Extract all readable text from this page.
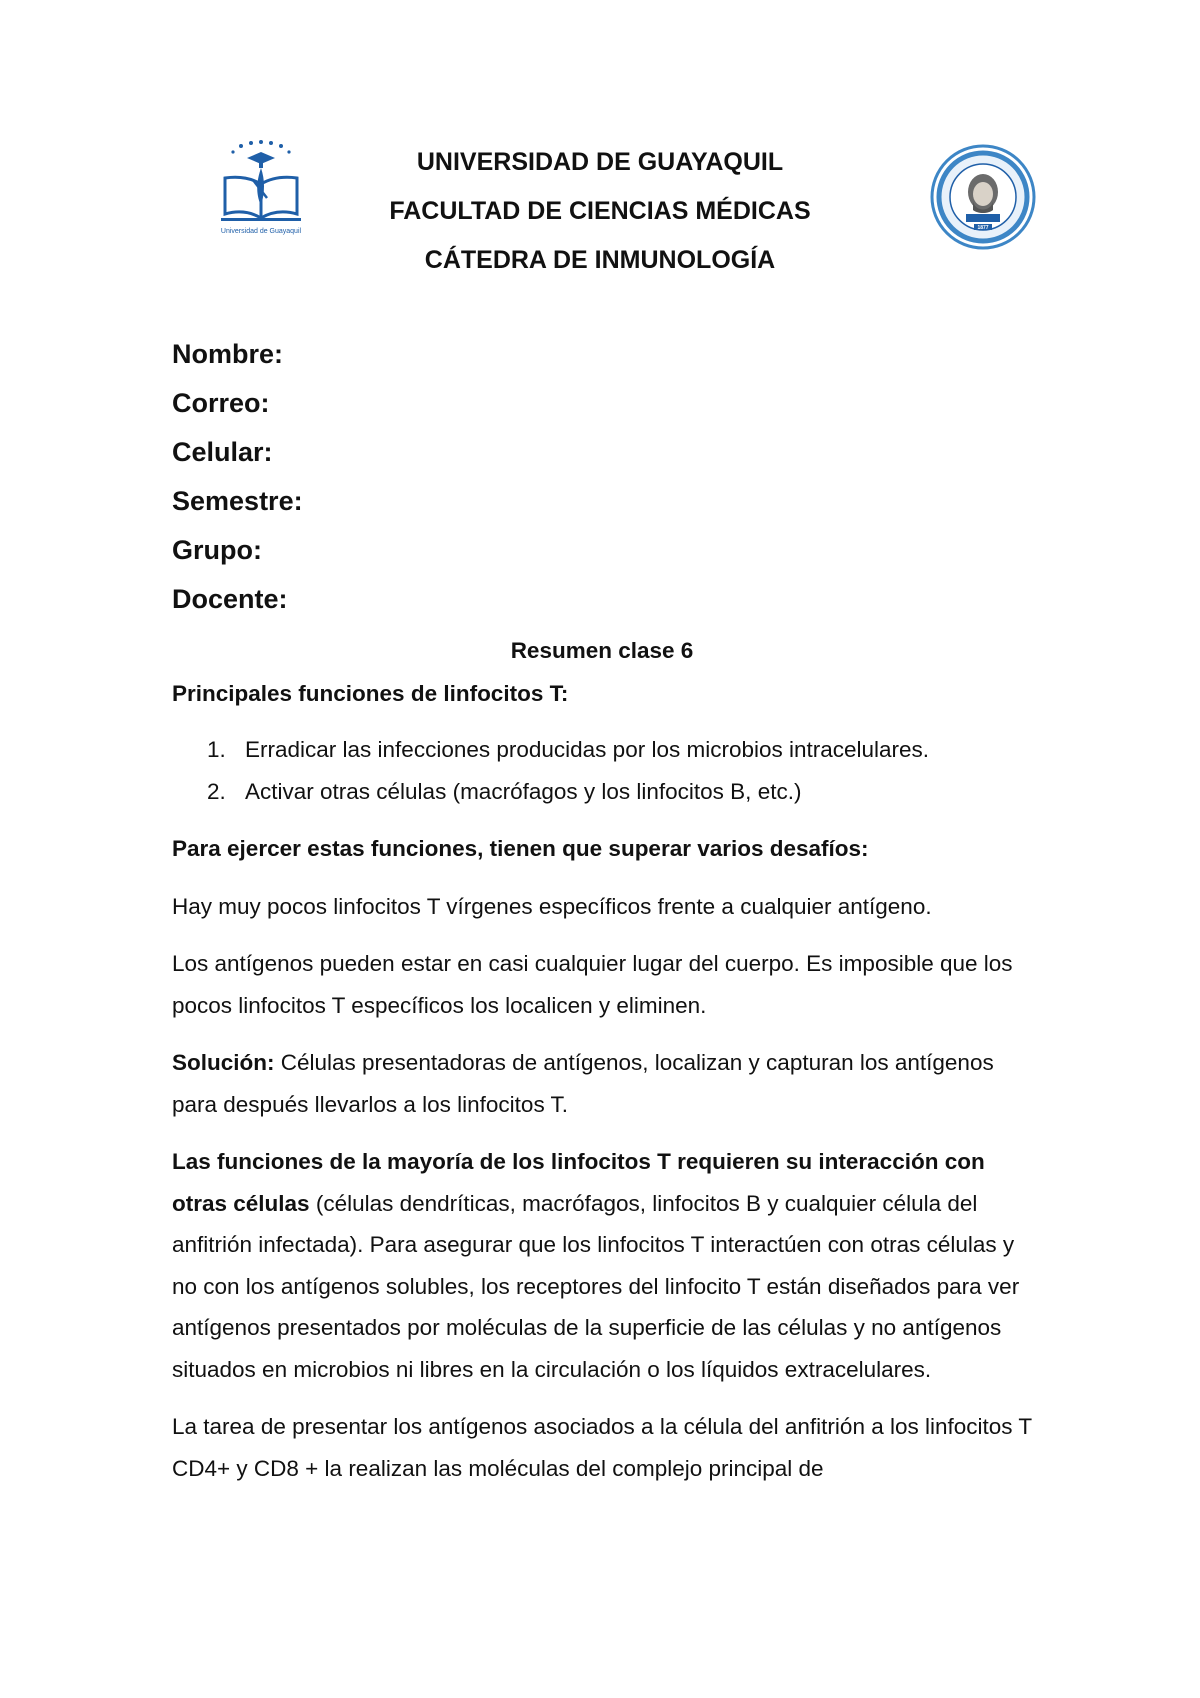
Universidad de Guayaquil

UNIVERSIDAD DE GUAYAQUIL

FACULTAD DE CIENCIAS MÉDICAS

CÁTEDRA DE INMUNOLOGÍA

1877

Nombre:

Correo:

Celular:

Semestre:

Grupo:

Docente:

Resumen clase 6

Principales funciones de linfocitos T:

1. Erradicar las infecciones producidas por los microbios intracelulares.
2. Activar otras células (macrófagos y los linfocitos B, etc.)

Para ejercer estas funciones, tienen que superar varios desafíos:

Hay muy pocos linfocitos T vírgenes específicos frente a cualquier antígeno.

Los antígenos pueden estar en casi cualquier lugar del cuerpo. Es imposible que los pocos linfocitos T específicos los localicen y eliminen.

Solución: Células presentadoras de antígenos, localizan y capturan los antígenos para después llevarlos a los linfocitos T.

Las funciones de la mayoría de los linfocitos T requieren su interacción con otras células (células dendríticas, macrófagos, linfocitos B y cualquier célula del anfitrión infectada). Para asegurar que los linfocitos T interactúen con otras células y no con los antígenos solubles, los receptores del linfocito T están diseñados para ver antígenos presentados por moléculas de la superficie de las células y no antígenos situados en microbios ni libres en la circulación o los líquidos extracelulares.

La tarea de presentar los antígenos asociados a la célula del anfitrión a los linfocitos T CD4+ y CD8 + la realizan las moléculas del complejo principal de
